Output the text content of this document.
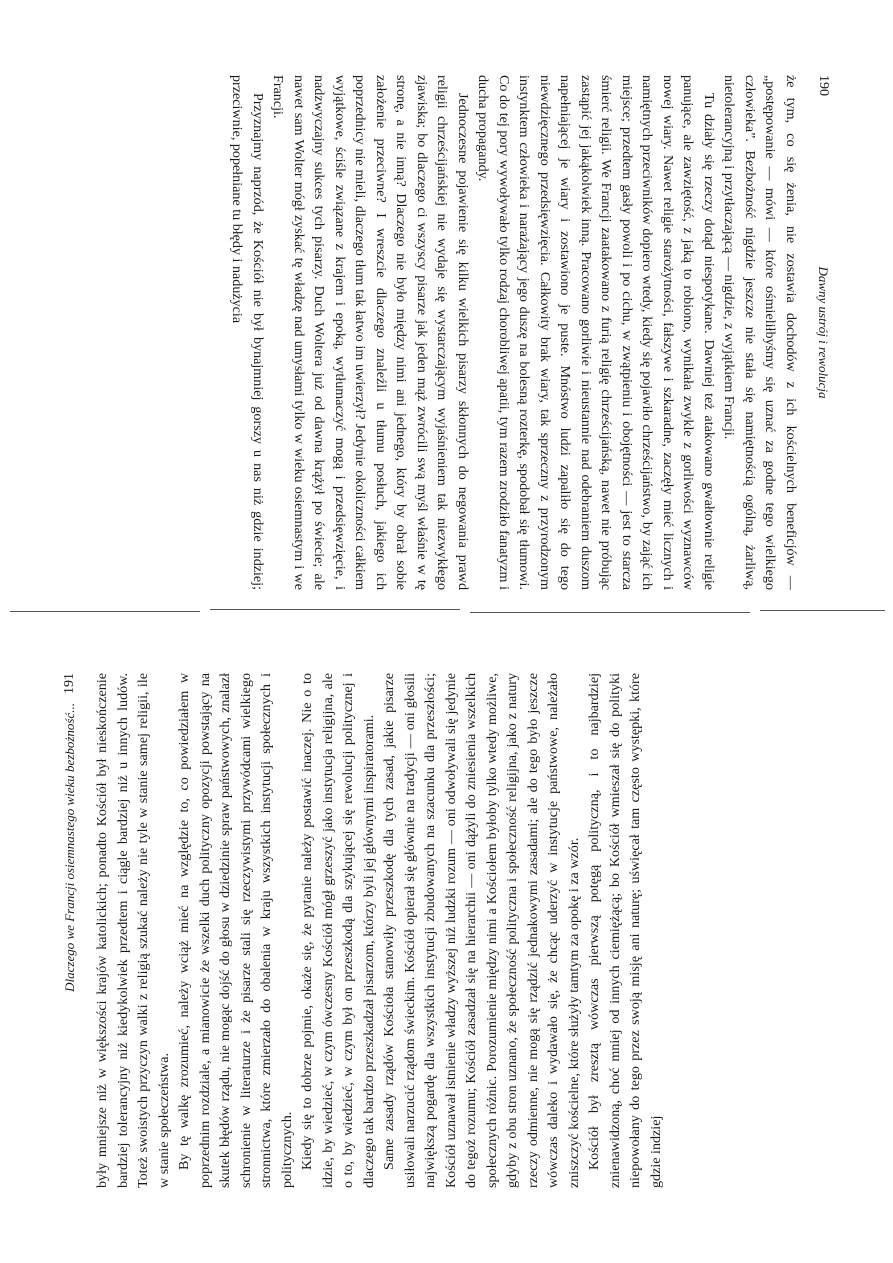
190
Dawny ustrój i rewolucja

że tym, co się żenia, nie zostawia dochodów z ich kościelnych beneficjów — „postępowanie — mówi — które ośmieliłbyśmy się uznać za godne tego wielkiego człowieka”. Bezbożność nigdzie jeszcze nie stała się namiętnością ogólną, żarliwą, nietolerancyjną i przytłaczającą — nigdzie, z wyjątkiem Francji.

Tu działy się rzeczy dotąd niespotykane. Dawniej też atakowano gwałtownie religie panujące, ale zawziętość, z jaką to robiono, wynikała zwykle z gorliwości wyznawców nowej wiary. Nawet religie starożytności, fałszywe i szkaradne, zaczęły mieć licznych i namiętnych przeciwników dopiero wtedy, kiedy się pojawiło chrześcijaństwo, by zająć ich miejsce; przedtem gasły powoli i po cichu, w zwątpieniu i obojętności — jest to starcza śmierć religii. We Francji zaatakowano z furią religię chrześcijańską, nawet nie próbując zastąpić jej jakąkolwiek inną. Pracowano gorliwie i nieustannie nad odebraniem duszom napełniającej je wiary i zostawiono je puste. Mnóstwo ludzi zapaliło się do tego niewdzięcznego przedsięwzięcia. Całkowity brak wiary, tak sprzeczny z przyrodzonym instynktem człowieka i narażający jego duszę na bolesną rozterkę, spodobał się tłumowi. Co do tej pory wywoływało tylko rodzaj chorobliwej apatii, tym razem zrodziło fanatyzm i ducha propagandy.

Jednoczesne pojawienie się kilku wielkich pisarzy skłonnych do negowania prawd religii chrześcijańskiej nie wydaje się wystarczającym wyjaśnieniem tak niezwykłego zjawiska; bo dlaczego ci wszyscy pisarze jak jeden mąż zwrócili swą myśl właśnie w tę stronę, a nie inną? Dlaczego nie było między nimi ani jednego, który by obrał sobie założenie przeciwne? I wreszcie dlaczego znaleźli u tłumu posłuch, jakiego ich poprzednicy nie mieli, dlaczego tłum tak łatwo im uwierzył? Jedynie okoliczności całkiem wyjątkowe, ściśle związane z krajem i epoką, wytłumaczyć mogą i przedsięwzięcie, i nadzwyczajny sukces tych pisarzy. Duch Woltera już od dawna krążył po świecie; ale nawet sam Wolter mógł zyskać tę władzę nad umysłami tylko w wieku osiemnastym i we Francji.

Przyznajmy naprzód, że Kościół nie był bynajmniej gorszy u nas niż gdzie indziej; przeciwnie, popełniane tu błędy i nadużycia

Dlaczego we Francji osiemnastego wieku bezbożność...
191 były mniejsze niż w większości krajów katolickich; ponadto Kościół był nieskończenie bardziej tolerancyjny niż kiedykolwiek przedtem i ciągle bardziej niż u innych ludów. Toteż swoistych przyczyn walki z religią szukać należy nie tyle w stanie samej religii, ile w stanie społeczeństwa. By tę walkę zrozumieć, należy wciąż mieć na względzie to, co powiedziałem w poprzednim rozdziale, a mianowicie że wszelki duch polityczny opozycji powstający na skutek błędów rządu, nie mogąc dojść do głosu w dziedzinie spraw państwowych, znalazł schronienie w literaturze i że pisarze stali się rzeczywistymi przywódcami wielkiego stronnictwa, które zmierzało do obalenia w kraju wszystkich instytucji społecznych i politycznych. Kiedy się to dobrze pojmie, okaże się, że pytanie należy postawić inaczej. Nie o to idzie, by wiedzieć, w czym ówczesny Kościół mógł grzeszyć jako instytucja religijna, ale o to, by wiedzieć, w czym był on przeszkodą dla szykującej się rewolucji politycznej i dlaczego tak bardzo przeszkadzał pisarzom, którzy byli jej głównymi inspiratorami. Same zasady rządów Kościoła stanowiły przeszkodę dla tych zasad, jakie pisarze usiłowali narzucić rządom świeckim. Kościół opierał się głównie na tradycji — oni głosili największą pogardę dla wszystkich instytucji zbudowanych na szacunku dla przeszłości; Kościół uznawał istnienie władzy wyższej niż ludzki rozum — oni odwoływali się jedynie do tegoż rozumu; Kościół zasadzał się na hierarchii — oni dążyli do zniesienia wszelkich społecznych różnic. Porozumienie między nimi a Kościołem byłoby tylko wtedy możliwe, gdyby z obu stron uznano, że społeczność polityczna i społeczność religijna, jako z natury rzeczy odmienne, nie mogą się rządzić jednakowymi zasadami; ale do tego było jeszcze wówczas daleko i wydawało się, że chcąc uderzyć w instytucje państwowe, należało zniszczyć kościelne, które służyły tamtym za opokę i za wzór. Kościół był zresztą wówczas pierwszą potęgą polityczną, i to najbardziej znienawidzoną, choć mniej od innych ciemiężącą; bo Kościół wmieszał się do polityki niepowołany do tego przez swoją misję ani naturę; uświęcał tam często występki, które gdzie indziej
